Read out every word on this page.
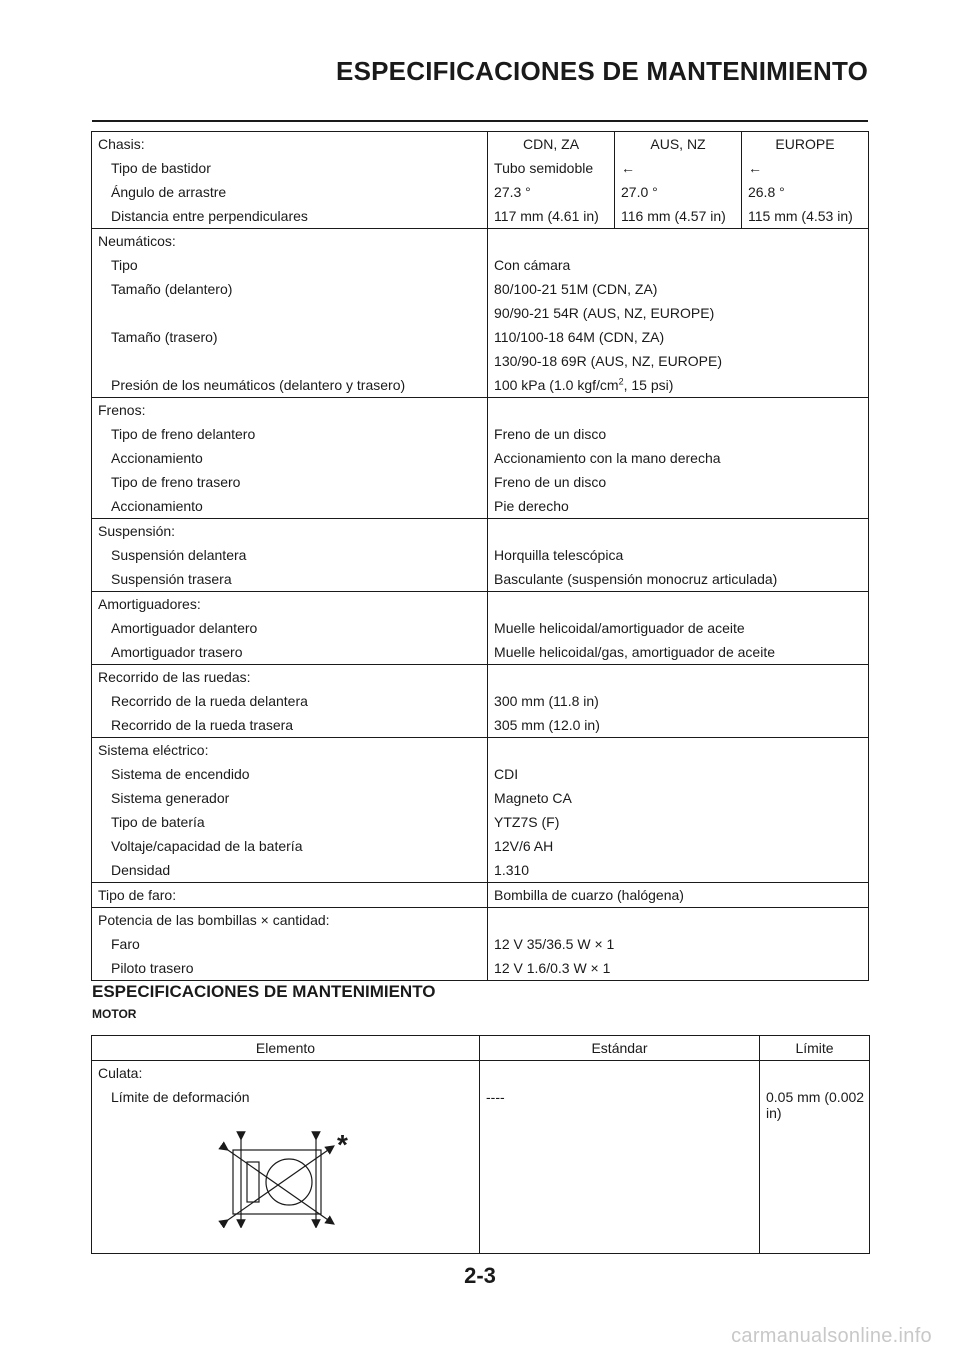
ESPECIFICACIONES DE MANTENIMIENTO
Chasis:	CDN, ZA	AUS, NZ	EUROPE
Tipo de bastidor	Tubo semidoble	←	←
Ángulo de arrastre	27.3 °	27.0 °	26.8 °
Distancia entre perpendiculares	117 mm (4.61 in)	116 mm (4.57 in)	115 mm (4.53 in)
Neumáticos:			
Tipo	Con cámara		
Tamaño (delantero)	80/100-21 51M (CDN, ZA)		
	90/90-21 54R (AUS, NZ, EUROPE)		
Tamaño (trasero)	110/100-18 64M (CDN, ZA)		
	130/90-18 69R (AUS, NZ, EUROPE)		
Presión de los neumáticos (delantero y trasero)	100 kPa (1.0 kgf/$cm^2$, 15 psi)		
Frenos:			
Tipo de freno delantero	Freno de un disco		
Accionamiento	Accionamiento con la mano derecha		
Tipo de freno trasero	Freno de un disco		
Accionamiento	Pie derecho		
Suspensión:			
Suspensión delantera	Horquilla telescópica		
Suspensión trasera	Basculante (suspensión monocruz articulada)		
Amortiguadores:			
Amortiguador delantero	Muelle helicoidal/amortiguador de aceite		
Amortiguador trasero	Muelle helicoidal/gas, amortiguador de aceite		
Recorrido de las ruedas:			
Recorrido de la rueda delantera	300 mm (11.8 in)		
Recorrido de la rueda trasera	305 mm (12.0 in)		
Sistema eléctrico:			
Sistema de encendido	CDI		
Sistema generador	Magneto CA		
Tipo de batería	YTZ7S (F)		
Voltaje/capacidad de la batería	12V/6 AH		
Densidad	1.310		
Tipo de faro:	Bombilla de cuarzo (halógena)		
Potencia de las bombillas × cantidad:			
Faro	12 V 35/36.5 W × 1		
Piloto trasero	12 V 1.6/0.3 W × 1		
ESPECIFICACIONES DE MANTENIMIENTO
MOTOR
Elemento	Estándar	Límite
Culata:		
Límite de deformación	----	0.05 mm (0.002 in)

*
2-3
carmanualsonline.info
